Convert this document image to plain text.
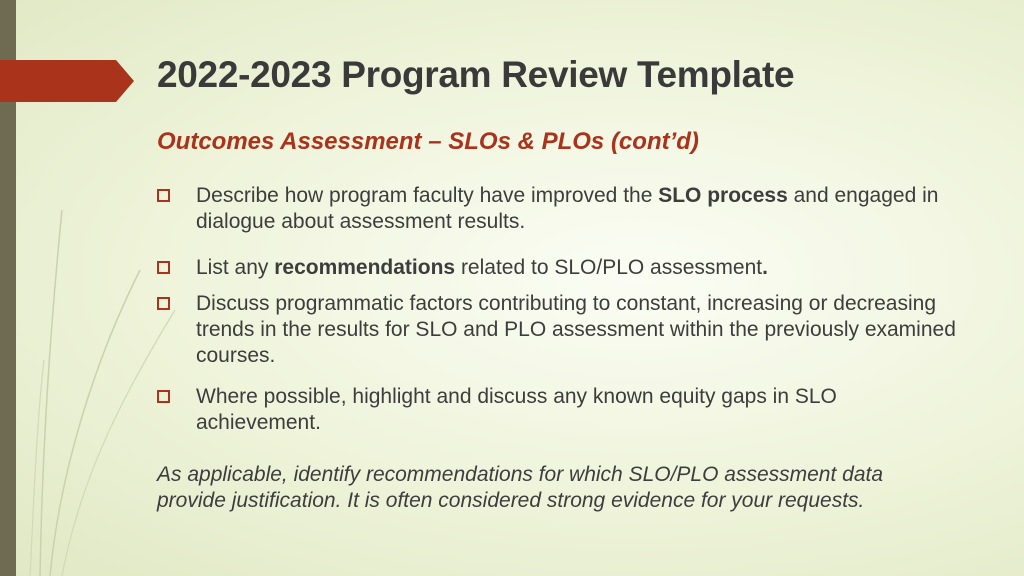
2022-2023 Program Review Template
Outcomes Assessment – SLOs & PLOs (cont’d)
Describe how program faculty have improved the SLO process and engaged in dialogue about assessment results.
List any recommendations related to SLO/PLO assessment.
Discuss programmatic factors contributing to constant, increasing or decreasing trends in the results for SLO and PLO assessment within the previously examined courses.
Where possible, highlight and discuss any known equity gaps in SLO achievement.

As applicable, identify recommendations for which SLO/PLO assessment data provide justification. It is often considered strong evidence for your requests.
